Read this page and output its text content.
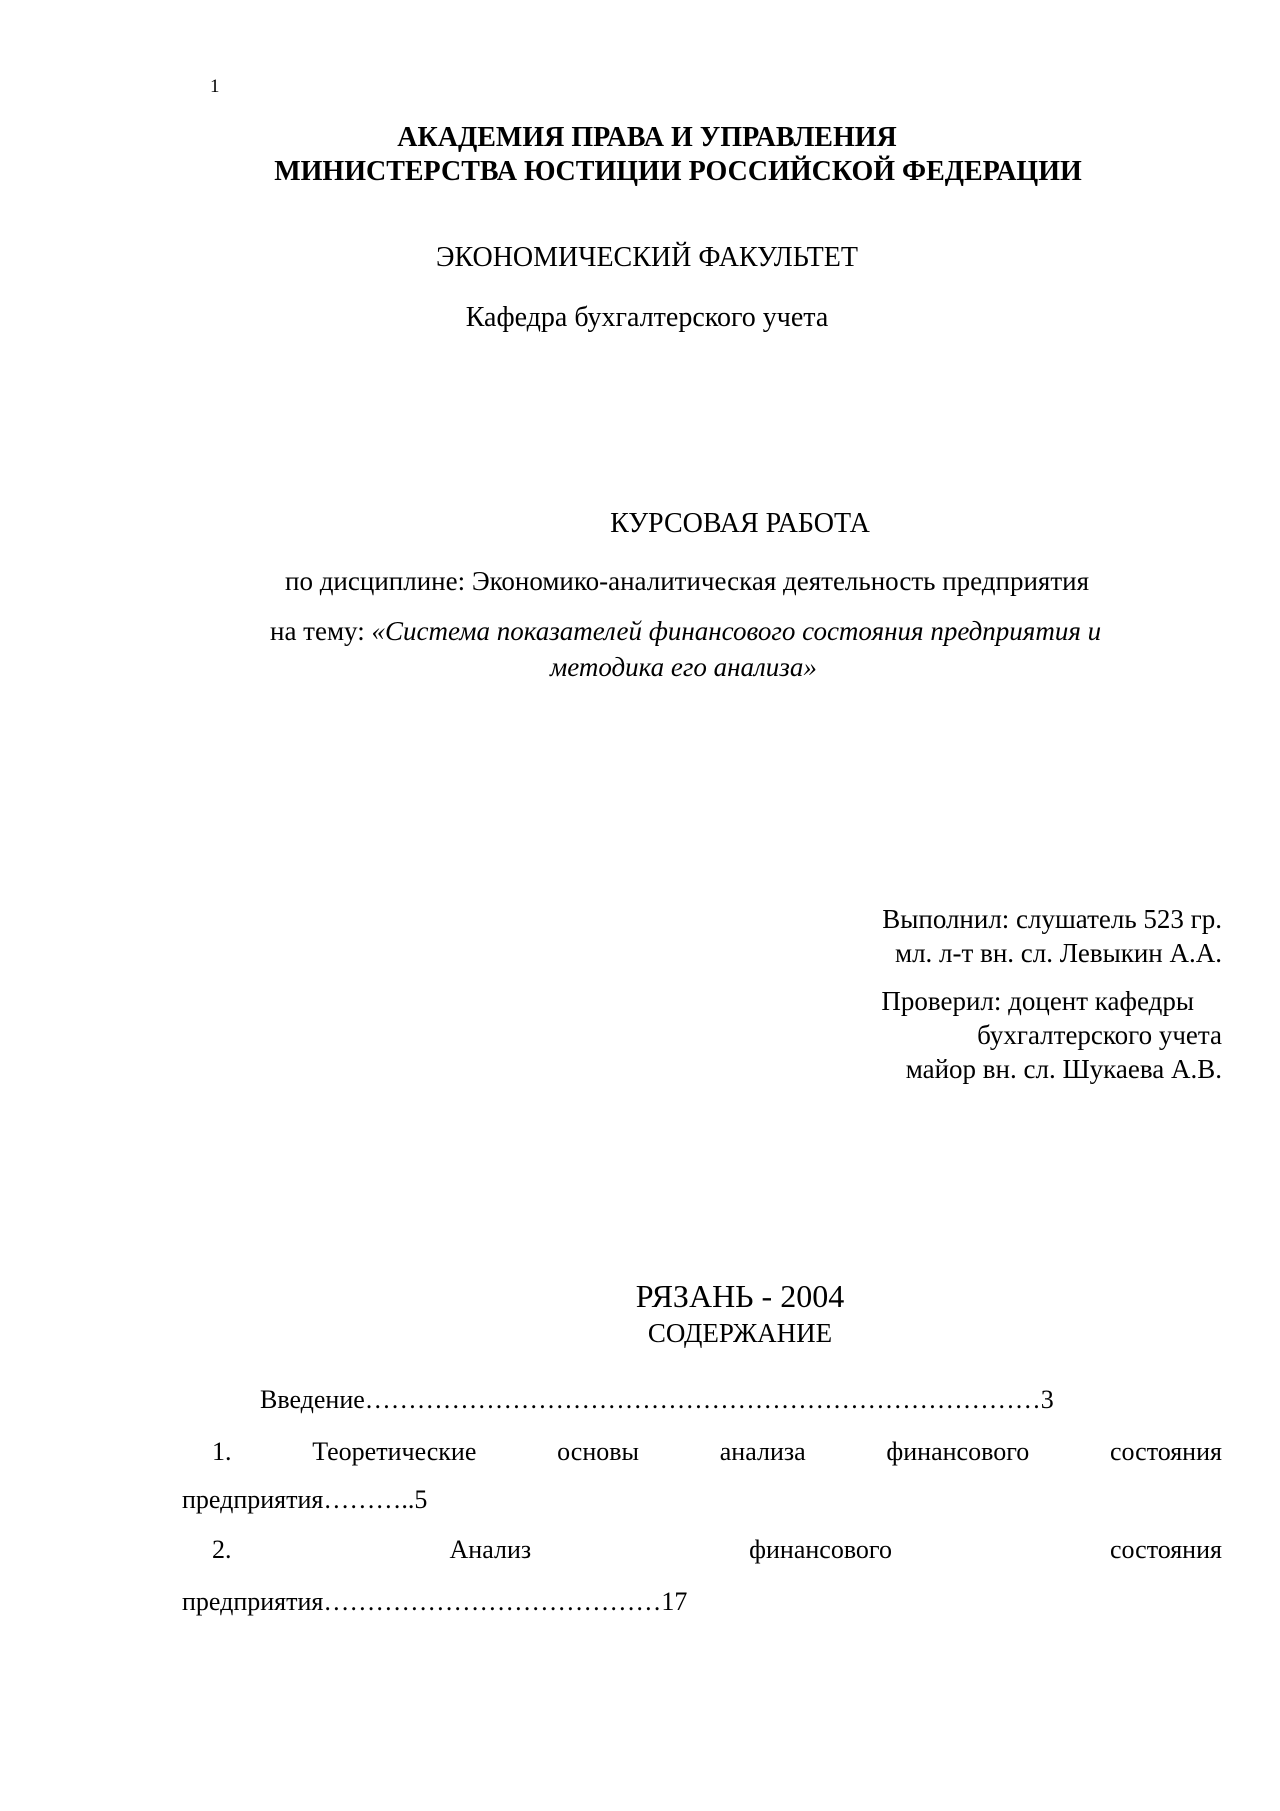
1
АКАДЕМИЯ ПРАВА И УПРАВЛЕНИЯ
МИНИСТЕРСТВА ЮСТИЦИИ РОССИЙСКОЙ ФЕДЕРАЦИИ
ЭКОНОМИЧЕСКИЙ ФАКУЛЬТЕТ
Кафедра бухгалтерского учета
КУРСОВАЯ РАБОТА
по дисциплине: Экономико-аналитическая деятельность предприятия
на тему: «Система показателей финансового состояния предприятия и
методика его анализа»
Выполнил: слушатель 523 гр.
мл. л-т вн. сл. Левыкин А.А.
Проверил: доцент кафедры
бухгалтерского учета
майор вн. сл. Шукаева А.В.
РЯЗАНЬ - 2004
СОДЕРЖАНИЕ
Введение……………………………………………………………………3
1.	Теоретические	основы	анализа	финансового	состояния
предприятия………..5
2.	Анализ	финансового	состояния
предприятия…………………………………17
